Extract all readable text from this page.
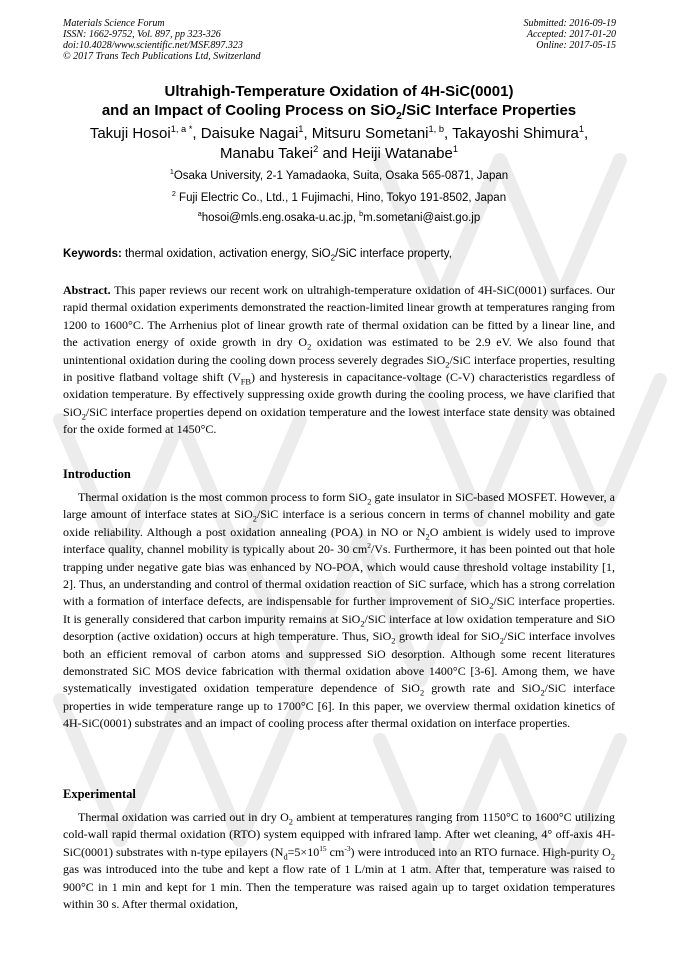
Materials Science Forum
ISSN: 1662-9752, Vol. 897, pp 323-326
doi:10.4028/www.scientific.net/MSF.897.323
© 2017 Trans Tech Publications Ltd, Switzerland
Submitted: 2016-09-19
Accepted: 2017-01-20
Online: 2017-05-15
Ultrahigh-Temperature Oxidation of 4H-SiC(0001)
and an Impact of Cooling Process on SiO$_2$/SiC Interface Properties
Takuji Hosoi$^{1, a *}$, Daisuke Nagai$^1$, Mitsuru Sometani$^{1, b}$, Takayoshi Shimura$^1$,
Manabu Takei$^2$ and Heiji Watanabe$^1$
$^1$Osaka University, 2-1 Yamadaoka, Suita, Osaka 565-0871, Japan
$^2$ Fuji Electric Co., Ltd., 1 Fujimachi, Hino, Tokyo 191-8502, Japan
$^a$hosoi@mls.eng.osaka-u.ac.jp, $^b$m.sometani@aist.go.jp
Keywords: thermal oxidation, activation energy, SiO$_2$/SiC interface property,

Abstract. This paper reviews our recent work on ultrahigh-temperature oxidation of 4H-SiC(0001) surfaces. Our rapid thermal oxidation experiments demonstrated the reaction-limited linear growth at temperatures ranging from 1200 to 1600°C. The Arrhenius plot of linear growth rate of thermal oxidation can be fitted by a linear line, and the activation energy of oxide growth in dry $O_2$ oxidation was estimated to be 2.9 eV. We also found that unintentional oxidation during the cooling down process severely degrades SiO$_2$/SiC interface properties, resulting in positive flatband voltage shift $(V_{FB})$ and hysteresis in capacitance-voltage (C-V) characteristics regardless of oxidation temperature. By effectively suppressing oxide growth during the cooling process, we have clarified that SiO$_2$/SiC interface properties depend on oxidation temperature and the lowest interface state density was obtained for the oxide formed at 1450°C.

Introduction

Thermal oxidation is the most common process to form SiO$_2$ gate insulator in SiC-based MOSFET. However, a large amount of interface states at SiO$_2$/SiC interface is a serious concern in terms of channel mobility and gate oxide reliability. Although a post oxidation annealing (POA) in NO or $N_2O$ ambient is widely used to improve interface quality, channel mobility is typically about 20- 30 $cm^2/Vs$. Furthermore, it has been pointed out that hole trapping under negative gate bias was enhanced by NO-POA, which would cause threshold voltage instability [1, 2]. Thus, an understanding and control of thermal oxidation reaction of SiC surface, which has a strong correlation with a formation of interface defects, are indispensable for further improvement of SiO$_2$/SiC interface properties. It is generally considered that carbon impurity remains at SiO$_2$/SiC interface at low oxidation temperature and SiO desorption (active oxidation) occurs at high temperature. Thus, SiO$_2$ growth ideal for SiO$_2$/SiC interface involves both an efficient removal of carbon atoms and suppressed SiO desorption. Although some recent literatures demonstrated SiC MOS device fabrication with thermal oxidation above 1400°C [3-6]. Among them, we have systematically investigated oxidation temperature dependence of SiO$_2$ growth rate and SiO$_2$/SiC interface properties in wide temperature range up to 1700°C [6]. In this paper, we overview thermal oxidation kinetics of 4H-SiC(0001) substrates and an impact of cooling process after thermal oxidation on interface properties.

Experimental

Thermal oxidation was carried out in dry $O_2$ ambient at temperatures ranging from 1150°C to 1600°C utilizing cold-wall rapid thermal oxidation (RTO) system equipped with infrared lamp. After wet cleaning, 4° off-axis 4H-SiC(0001) substrates with n-type epilayers ($N_d=5\times 10^{15}$ $cm^{-3}$) were introduced into an RTO furnace. High-purity $O_2$ gas was introduced into the tube and kept a flow rate of 1 L/min at 1 atm. After that, temperature was raised to 900°C in 1 min and kept for 1 min. Then the temperature was raised again up to target oxidation temperatures within 30 s. After thermal oxidation,
